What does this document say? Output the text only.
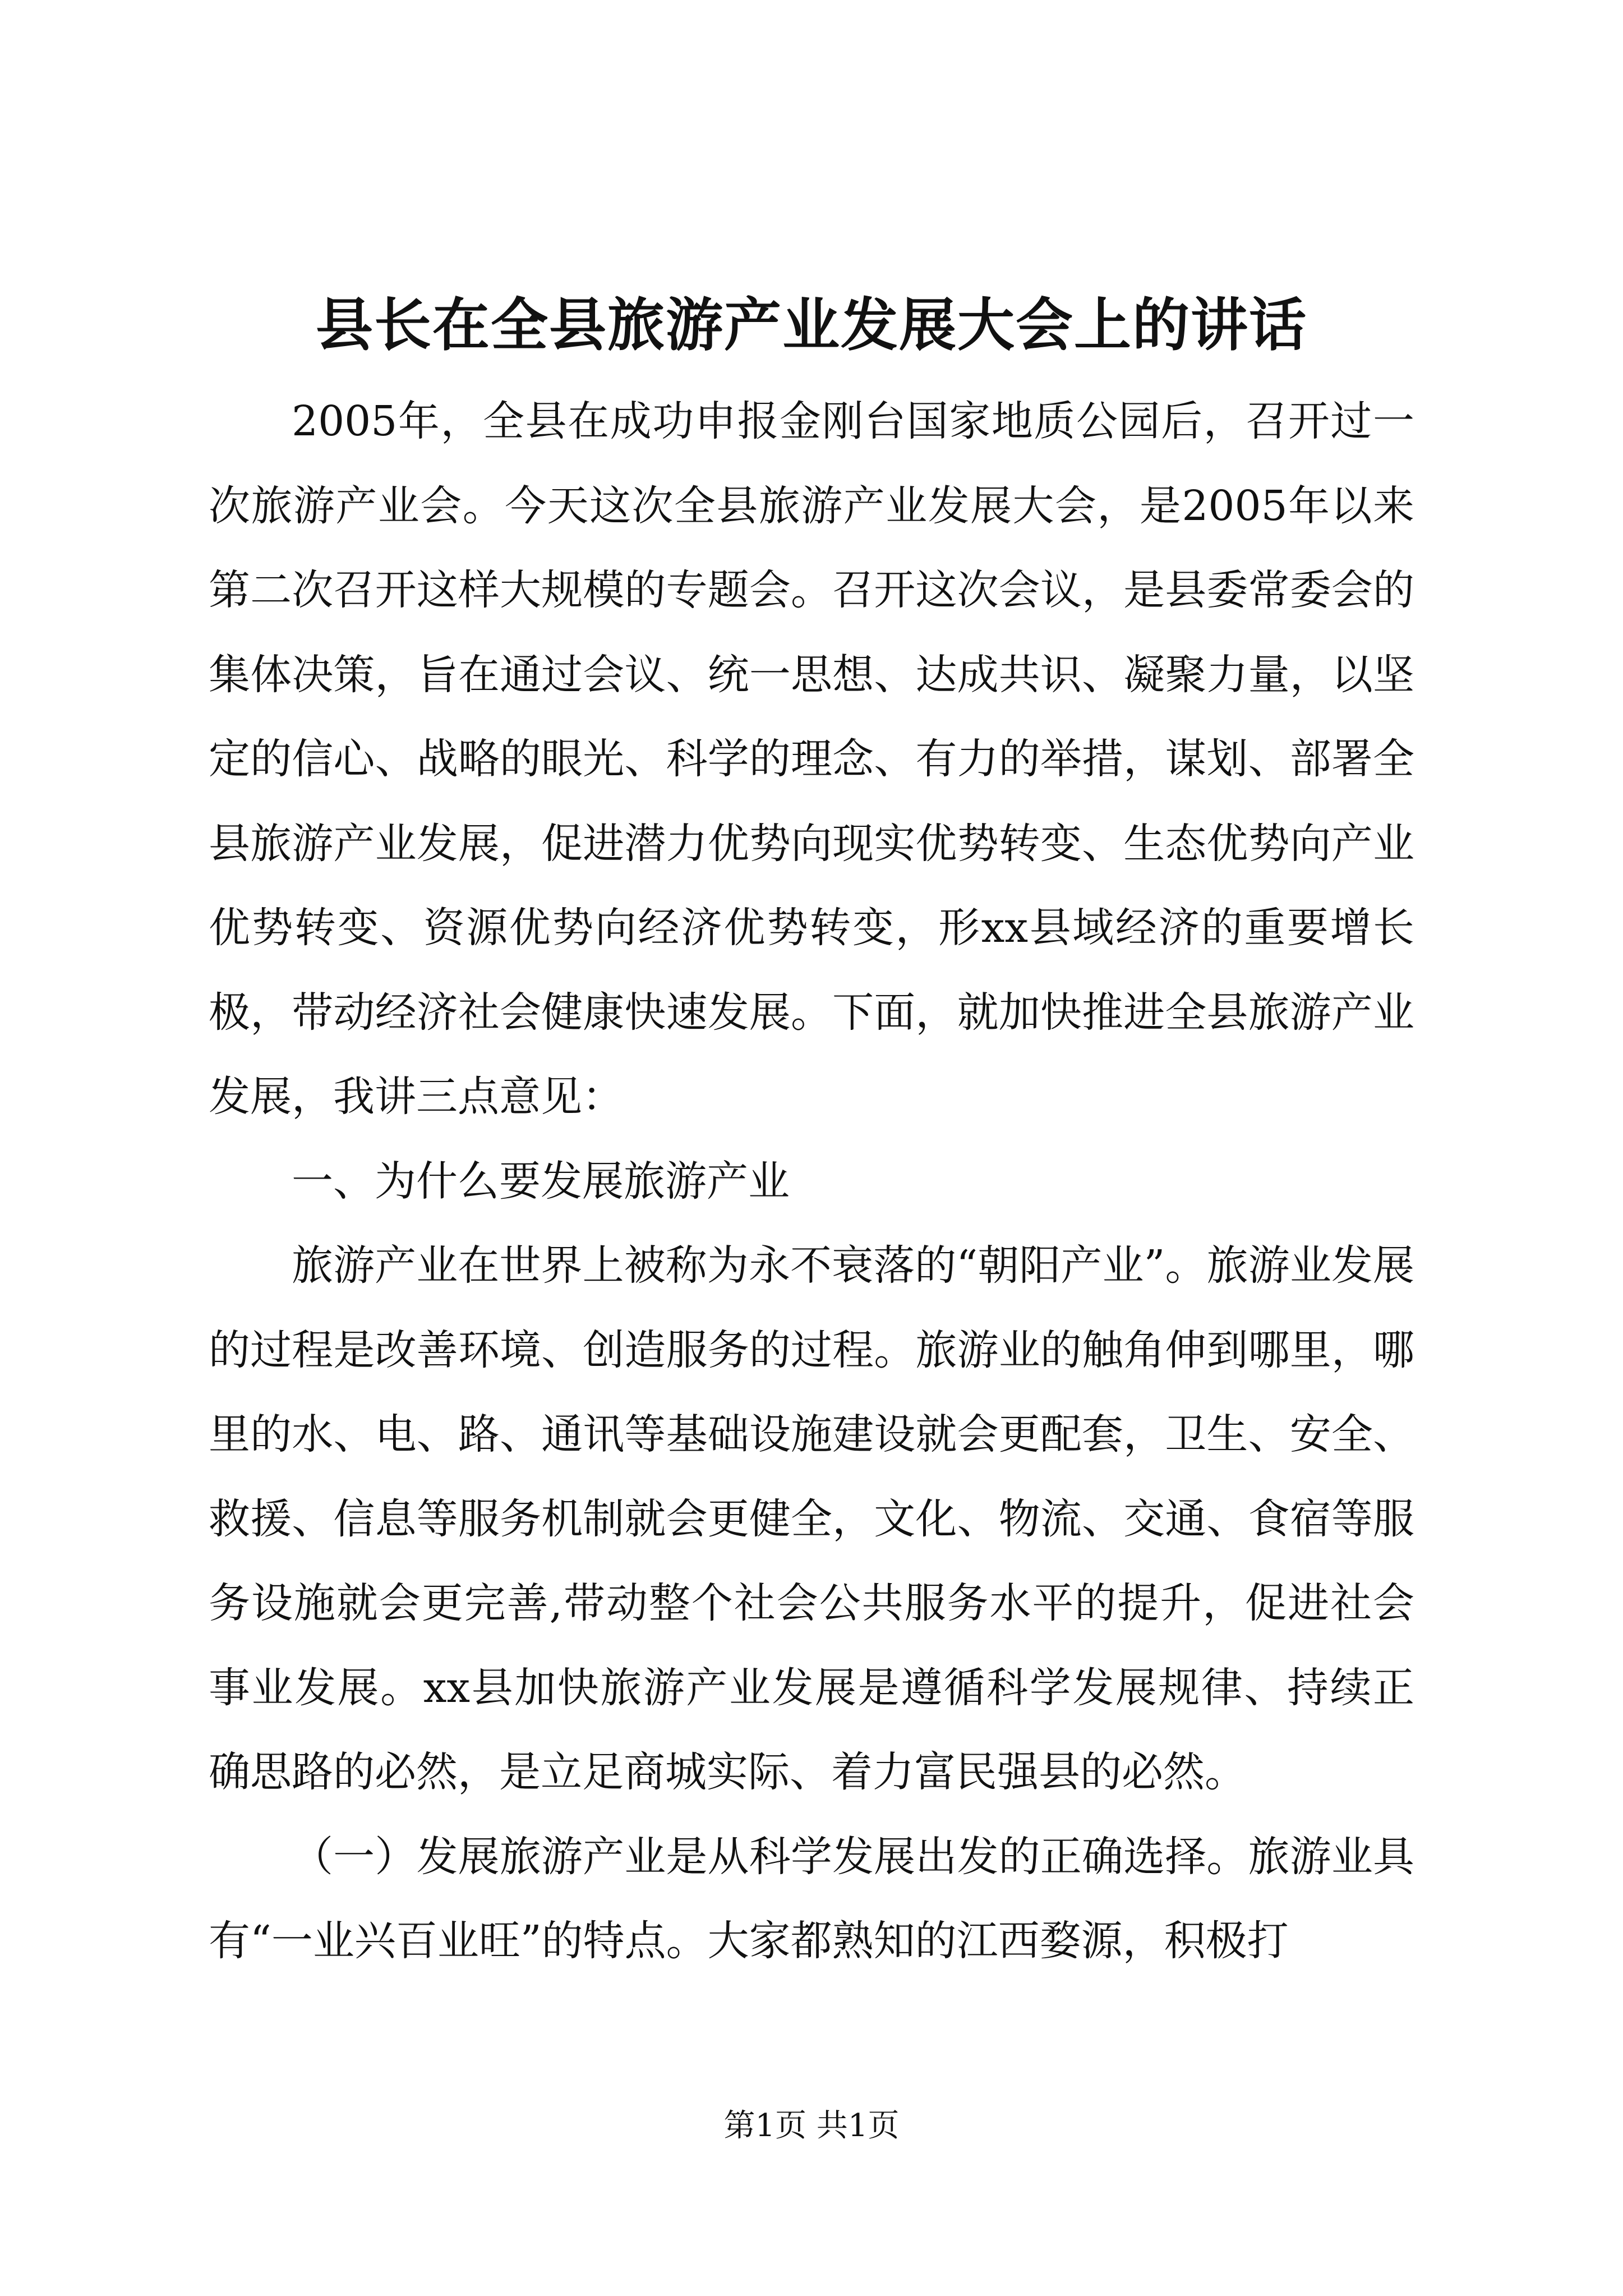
县长在全县旅游产业发展大会上的讲话

2005年，全县在成功申报金刚台国家地质公园后，召开过一次旅游产业会。今天这次全县旅游产业发展大会，是2005年以来第二次召开这样大规模的专题会。召开这次会议，是县委常委会的集体决策，旨在通过会议、统一思想、达成共识、凝聚力量，以坚定的信心、战略的眼光、科学的理念、有力的举措，谋划、部署全县旅游产业发展，促进潜力优势向现实优势转变、生态优势向产业优势转变、资源优势向经济优势转变，形xx县域经济的重要增长极，带动经济社会健康快速发展。下面，就加快推进全县旅游产业发展，我讲三点意见：

一、为什么要发展旅游产业

旅游产业在世界上被称为永不衰落的“朝阳产业”。旅游业发展的过程是改善环境、创造服务的过程。旅游业的触角伸到哪里，哪里的水、电、路、通讯等基础设施建设就会更配套，卫生、安全、救援、信息等服务机制就会更健全，文化、物流、交通、食宿等服务设施就会更完善,带动整个社会公共服务水平的提升，促进社会事业发展。xx县加快旅游产业发展是遵循科学发展规律、持续正确思路的必然，是立足商城实际、着力富民强县的必然。

（一）发展旅游产业是从科学发展出发的正确选择。旅游业具有“一业兴百业旺”的特点。大家都熟知的江西婺源，积极打

第1页 共1页
